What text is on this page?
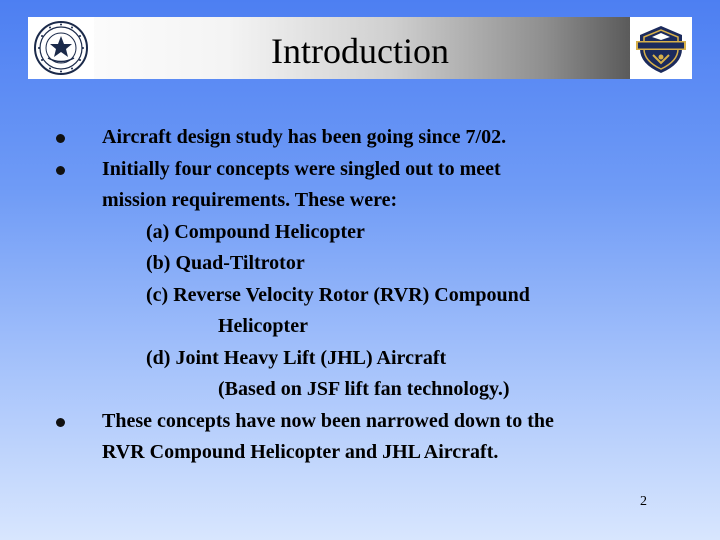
Introduction
Aircraft design study has been going since 7/02.
Initially four concepts were singled out to meet
mission requirements. These were:
(a) Compound Helicopter
(b) Quad-Tiltrotor
(c) Reverse Velocity Rotor (RVR) Compound
Helicopter
(d) Joint Heavy Lift (JHL) Aircraft
(Based on JSF lift fan technology.)
These concepts have now been narrowed down to the
RVR Compound Helicopter and JHL Aircraft.
2
